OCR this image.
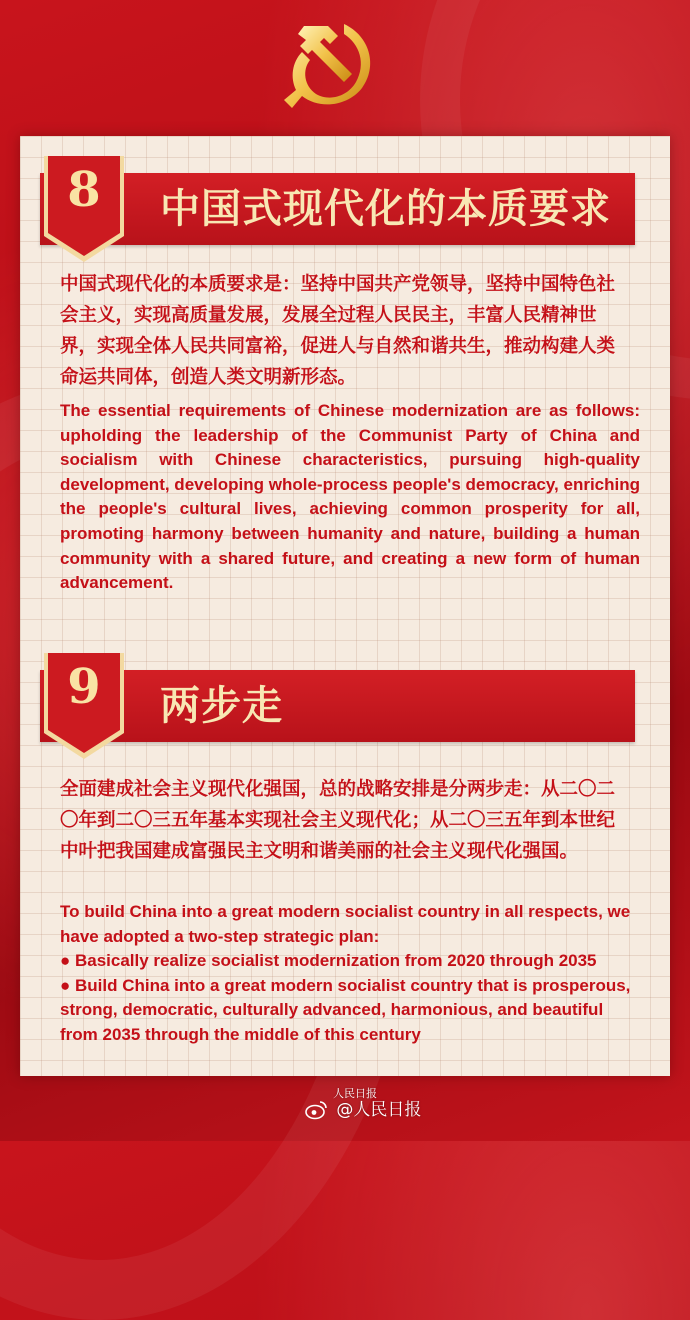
中国式现代化的本质要求
8

中国式现代化的本质要求是：坚持中国共产党领导，坚持中国特色社会主义，实现高质量发展，发展全过程人民民主，丰富人民精神世界，实现全体人民共同富裕，促进人与自然和谐共生，推动构建人类命运共同体，创造人类文明新形态。

The essential requirements of Chinese modernization are as follows: upholding the leadership of the Communist Party of China and socialism with Chinese characteristics, pursuing high-quality development, developing whole-process people's democracy, enriching the people's cultural lives, achieving common prosperity for all, promoting harmony between humanity and nature, building a human community with a shared future, and creating a new form of human advancement.

两步走
9

全面建成社会主义现代化强国，总的战略安排是分两步走：从二〇二〇年到二〇三五年基本实现社会主义现代化；从二〇三五年到本世纪中叶把我国建成富强民主文明和谐美丽的社会主义现代化强国。

To build China into a great modern socialist country in all respects, we have adopted a two-step strategic plan:
● Basically realize socialist modernization from 2020 through 2035
● Build China into a great modern socialist country that is prosperous, strong, democratic, culturally advanced, harmonious, and beautiful from 2035 through the middle of this century

人民日报
@人民日报
